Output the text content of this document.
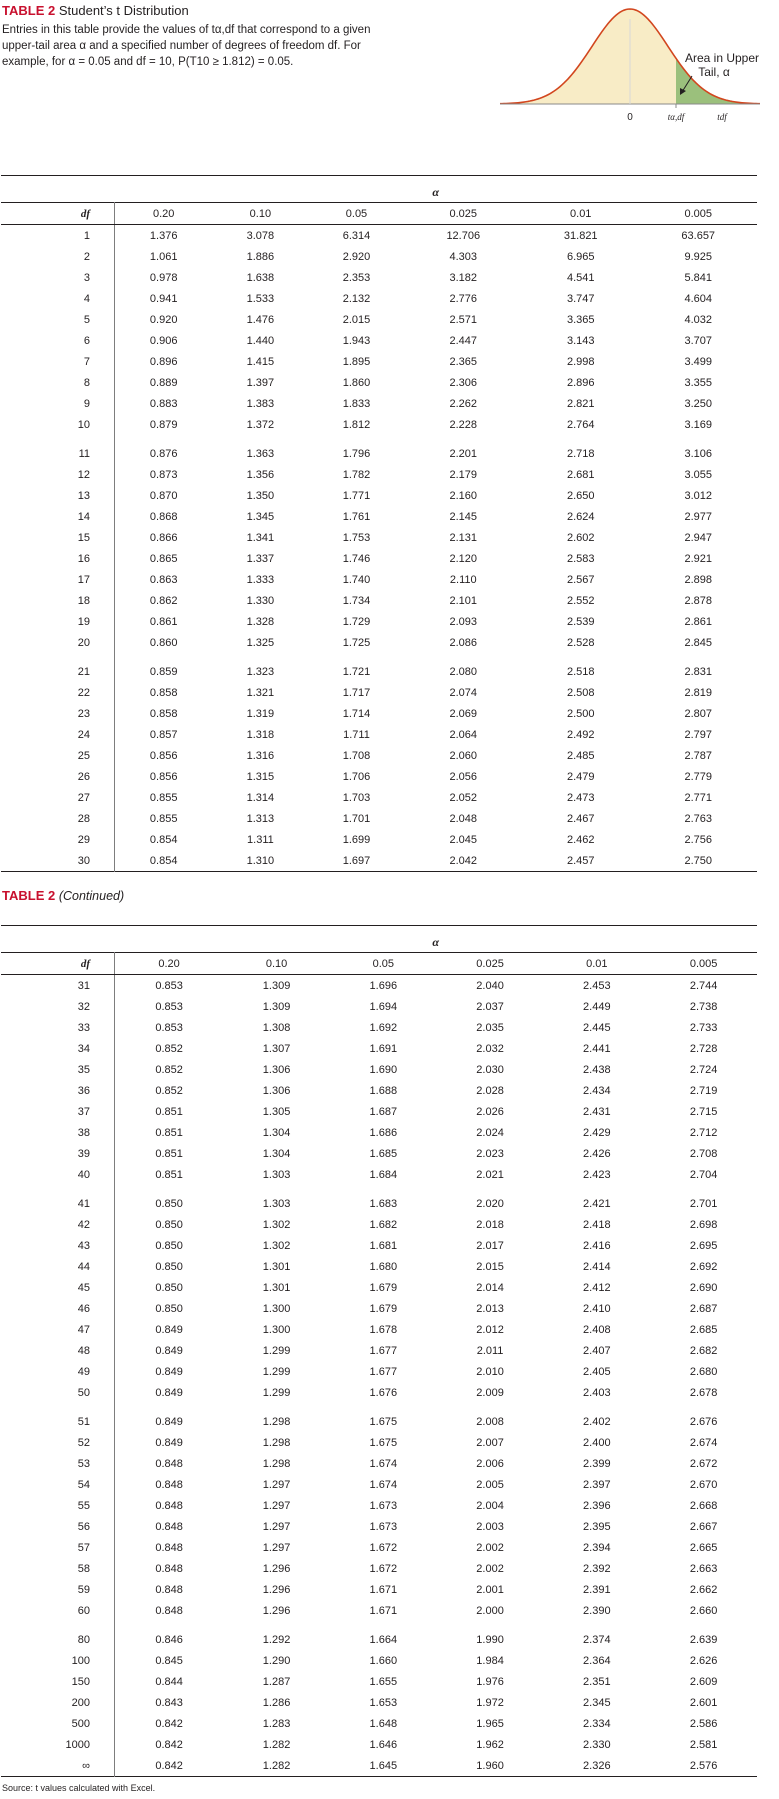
TABLE 2 Student’s t Distribution
Entries in this table provide the values of tα,df that correspond to a given
upper-tail area α and a specified number of degrees of freedom df. For
example, for α = 0.05 and df = 10, P(T10 ≥ 1.812) = 0.05.	Area in Upper
Tail, α
0	tα,df	tdf
	α					
df	0.20	0.10	0.05	0.025	0.01	0.005
1	1.376	3.078	6.314	12.706	31.821	63.657
2	1.061	1.886	2.920	4.303	6.965	9.925
3	0.978	1.638	2.353	3.182	4.541	5.841
4	0.941	1.533	2.132	2.776	3.747	4.604
5	0.920	1.476	2.015	2.571	3.365	4.032
6	0.906	1.440	1.943	2.447	3.143	3.707
7	0.896	1.415	1.895	2.365	2.998	3.499
8	0.889	1.397	1.860	2.306	2.896	3.355
9	0.883	1.383	1.833	2.262	2.821	3.250
10	0.879	1.372	1.812	2.228	2.764	3.169
11	0.876	1.363	1.796	2.201	2.718	3.106
12	0.873	1.356	1.782	2.179	2.681	3.055
13	0.870	1.350	1.771	2.160	2.650	3.012
14	0.868	1.345	1.761	2.145	2.624	2.977
15	0.866	1.341	1.753	2.131	2.602	2.947
16	0.865	1.337	1.746	2.120	2.583	2.921
17	0.863	1.333	1.740	2.110	2.567	2.898
18	0.862	1.330	1.734	2.101	2.552	2.878
19	0.861	1.328	1.729	2.093	2.539	2.861
20	0.860	1.325	1.725	2.086	2.528	2.845
21	0.859	1.323	1.721	2.080	2.518	2.831
22	0.858	1.321	1.717	2.074	2.508	2.819
23	0.858	1.319	1.714	2.069	2.500	2.807
24	0.857	1.318	1.711	2.064	2.492	2.797
25	0.856	1.316	1.708	2.060	2.485	2.787
26	0.856	1.315	1.706	2.056	2.479	2.779
27	0.855	1.314	1.703	2.052	2.473	2.771
28	0.855	1.313	1.701	2.048	2.467	2.763
29	0.854	1.311	1.699	2.045	2.462	2.756
30	0.854	1.310	1.697	2.042	2.457	2.750
TABLE 2 (Continued)
	α					
df	0.20	0.10	0.05	0.025	0.01	0.005
31	0.853	1.309	1.696	2.040	2.453	2.744
32	0.853	1.309	1.694	2.037	2.449	2.738
33	0.853	1.308	1.692	2.035	2.445	2.733
34	0.852	1.307	1.691	2.032	2.441	2.728
35	0.852	1.306	1.690	2.030	2.438	2.724
36	0.852	1.306	1.688	2.028	2.434	2.719
37	0.851	1.305	1.687	2.026	2.431	2.715
38	0.851	1.304	1.686	2.024	2.429	2.712
39	0.851	1.304	1.685	2.023	2.426	2.708
40	0.851	1.303	1.684	2.021	2.423	2.704
41	0.850	1.303	1.683	2.020	2.421	2.701
42	0.850	1.302	1.682	2.018	2.418	2.698
43	0.850	1.302	1.681	2.017	2.416	2.695
44	0.850	1.301	1.680	2.015	2.414	2.692
45	0.850	1.301	1.679	2.014	2.412	2.690
46	0.850	1.300	1.679	2.013	2.410	2.687
47	0.849	1.300	1.678	2.012	2.408	2.685
48	0.849	1.299	1.677	2.011	2.407	2.682
49	0.849	1.299	1.677	2.010	2.405	2.680
50	0.849	1.299	1.676	2.009	2.403	2.678
51	0.849	1.298	1.675	2.008	2.402	2.676
52	0.849	1.298	1.675	2.007	2.400	2.674
53	0.848	1.298	1.674	2.006	2.399	2.672
54	0.848	1.297	1.674	2.005	2.397	2.670
55	0.848	1.297	1.673	2.004	2.396	2.668
56	0.848	1.297	1.673	2.003	2.395	2.667
57	0.848	1.297	1.672	2.002	2.394	2.665
58	0.848	1.296	1.672	2.002	2.392	2.663
59	0.848	1.296	1.671	2.001	2.391	2.662
60	0.848	1.296	1.671	2.000	2.390	2.660
80	0.846	1.292	1.664	1.990	2.374	2.639
100	0.845	1.290	1.660	1.984	2.364	2.626
150	0.844	1.287	1.655	1.976	2.351	2.609
200	0.843	1.286	1.653	1.972	2.345	2.601
500	0.842	1.283	1.648	1.965	2.334	2.586
1000	0.842	1.282	1.646	1.962	2.330	2.581
∞	0.842	1.282	1.645	1.960	2.326	2.576
Source: t values calculated with Excel.
